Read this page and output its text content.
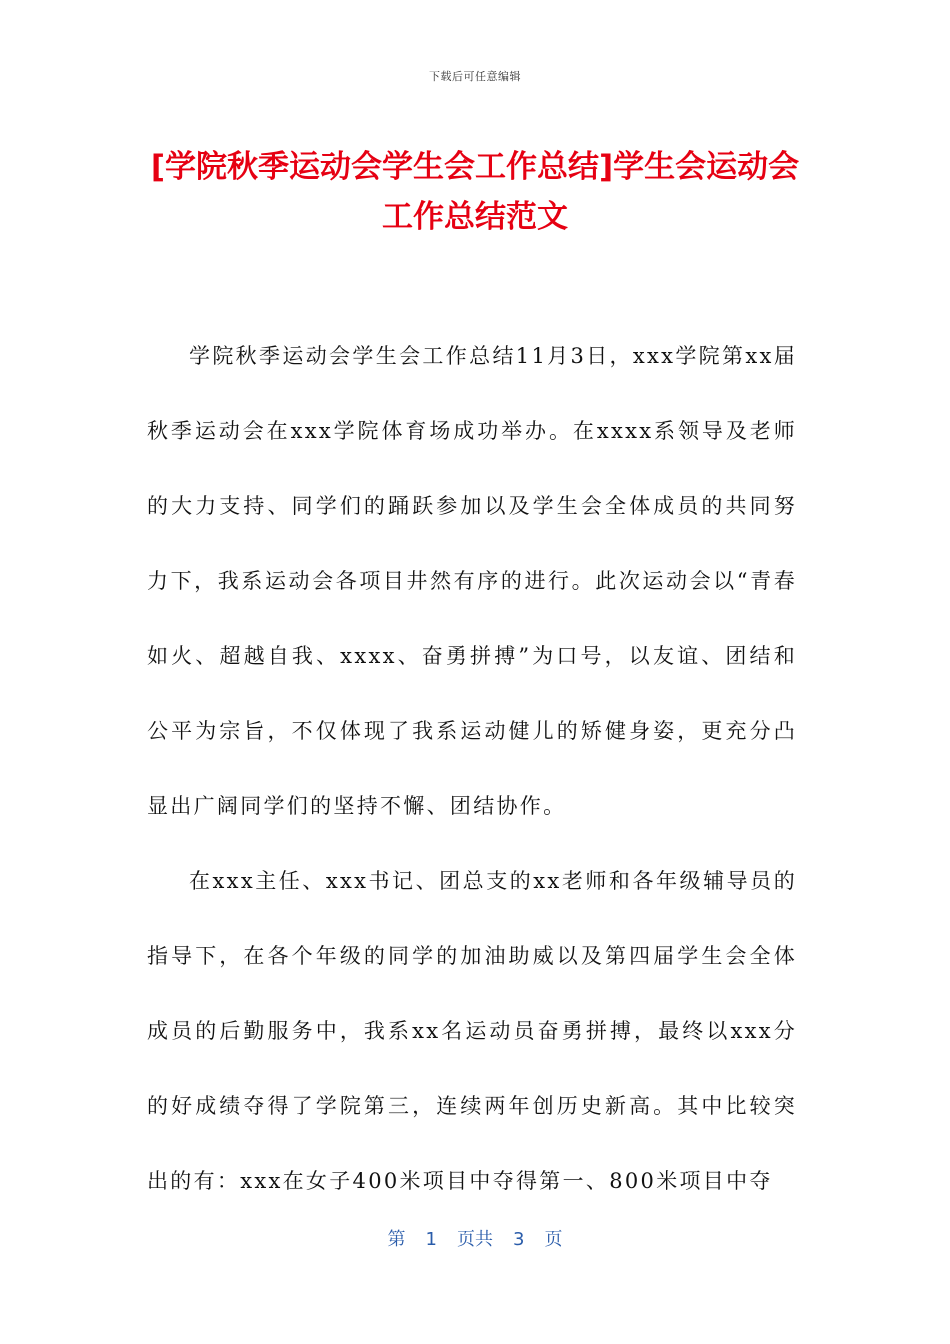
下载后可任意编辑
[学院秋季运动会学生会工作总结]学生会运动会工作总结范文

学院秋季运动会学生会工作总结11月3日，xxx学院第xx届秋季运动会在xxx学院体育场成功举办。在xxxx系领导及老师的大力支持、同学们的踊跃参加以及学生会全体成员的共同努力下，我系运动会各项目井然有序的进行。此次运动会以“青春如火、超越自我、xxxx、奋勇拼搏”为口号，以友谊、团结和公平为宗旨，不仅体现了我系运动健儿的矫健身姿，更充分凸显出广阔同学们的坚持不懈、团结协作。

在xxx主任、xxx书记、团总支的xx老师和各年级辅导员的指导下，在各个年级的同学的加油助威以及第四届学生会全体成员的后勤服务中，我系xx名运动员奋勇拼搏，最终以xxx分的好成绩夺得了学院第三，连续两年创历史新高。其中比较突出的有：xxx在女子400米项目中夺得第一、800米项目中夺

第 1 页共 3 页
